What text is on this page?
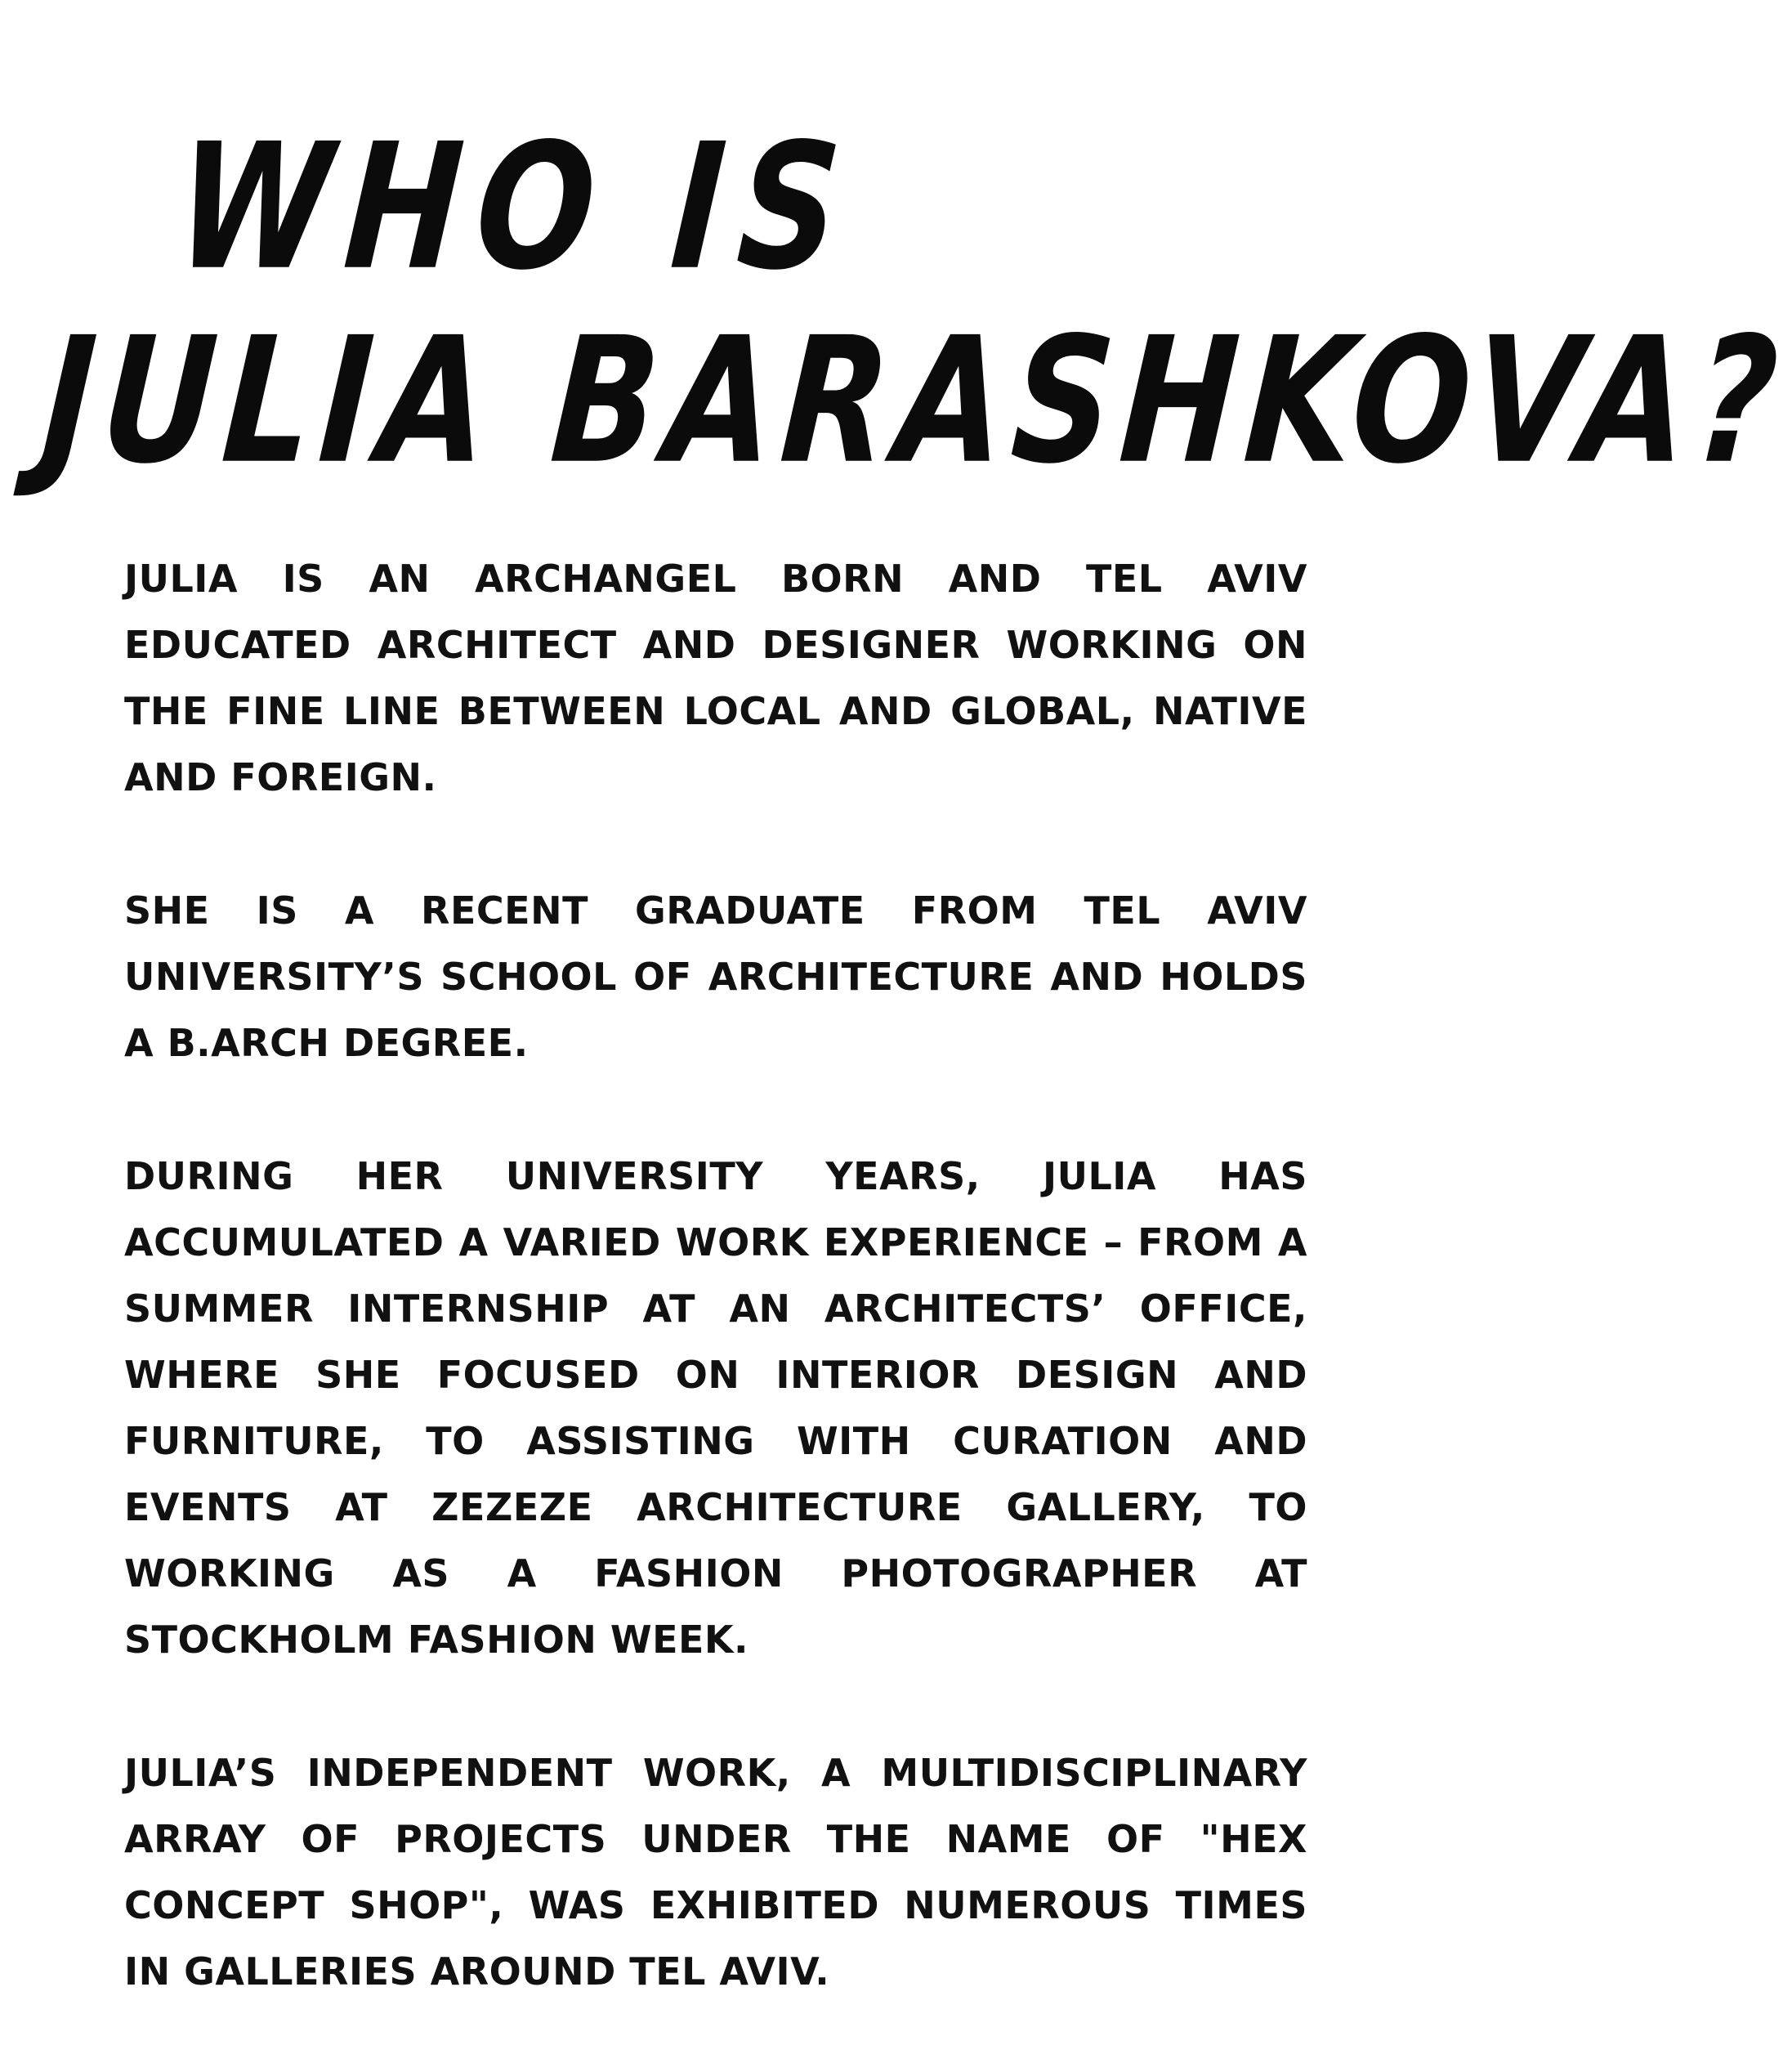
WHO IS
JULIA BARASHKOVA?

JULIA IS AN ARCHANGEL BORN AND TEL AVIV EDUCATED ARCHITECT AND DESIGNER WORKING ON THE FINE LINE BETWEEN LOCAL AND GLOBAL, NATIVE AND FOREIGN.

SHE IS A RECENT GRADUATE FROM TEL AVIV UNIVERSITY’S SCHOOL OF ARCHITECTURE AND HOLDS A B.ARCH DEGREE.

DURING HER UNIVERSITY YEARS, JULIA HAS ACCUMULATED A VARIED WORK EXPERIENCE – FROM A SUMMER INTERNSHIP AT AN ARCHITECTS’ OFFICE, WHERE SHE FOCUSED ON INTERIOR DESIGN AND FURNITURE, TO ASSISTING WITH CURATION AND EVENTS AT ZEZEZE ARCHITECTURE GALLERY, TO WORKING AS A FASHION PHOTOGRAPHER AT STOCKHOLM FASHION WEEK.

JULIA’S INDEPENDENT WORK, A MULTIDISCIPLINARY ARRAY OF PROJECTS UNDER THE NAME OF "HEX CONCEPT SHOP", WAS EXHIBITED NUMEROUS TIMES IN GALLERIES AROUND TEL AVIV.
